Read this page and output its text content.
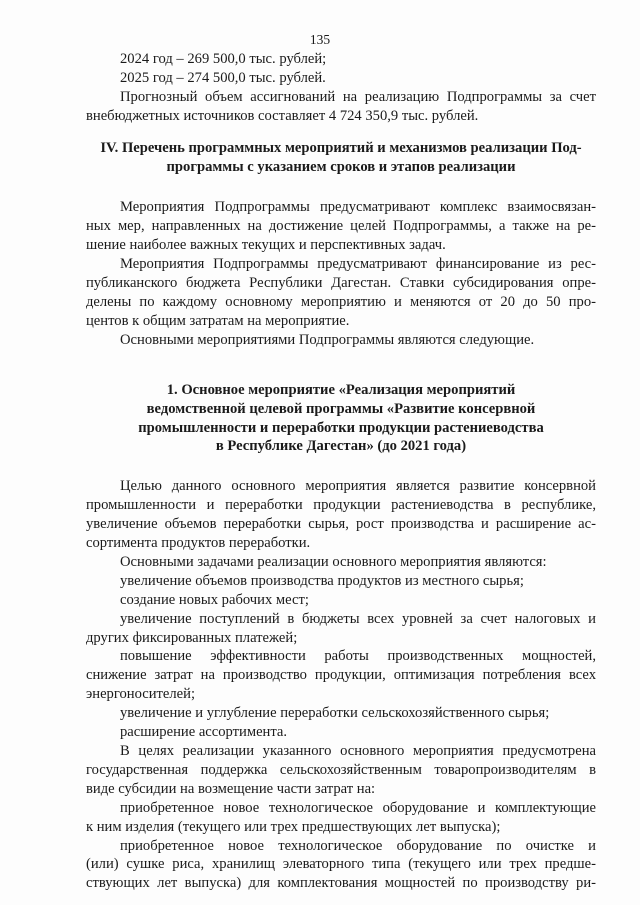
135

2024 год – 269 500,0 тыс. рублей;

2025 год – 274 500,0 тыс. рублей.

Прогнозный объем ассигнований на реализацию Подпрограммы за счет

внебюджетных источников составляет 4 724 350,9 тыс. рублей.

IV. Перечень программных мероприятий и механизмов реализации Под-

программы с указанием сроков и этапов реализации

Мероприятия Подпрограммы предусматривают комплекс взаимосвязан-

ных мер, направленных на достижение целей Подпрограммы, а также на ре-

шение наиболее важных текущих и перспективных задач.

Мероприятия Подпрограммы предусматривают финансирование из рес-

публиканского бюджета Республики Дагестан. Ставки субсидирования опре-

делены по каждому основному мероприятию и меняются от 20 до 50 про-

центов к общим затратам на мероприятие.

Основными мероприятиями Подпрограммы являются следующие.

1. Основное мероприятие «Реализация мероприятий

ведомственной целевой программы «Развитие консервной

промышленности и переработки продукции растениеводства

в Республике Дагестан» (до 2021 года)

Целью данного основного мероприятия является развитие консервной

промышленности и переработки продукции растениеводства в республике,

увеличение объемов переработки сырья, рост производства и расширение ас-

сортимента продуктов переработки.

Основными задачами реализации основного мероприятия являются:

увеличение объемов производства продуктов из местного сырья;

создание новых рабочих мест;

увеличение поступлений в бюджеты всех уровней за счет налоговых и

других фиксированных платежей;

повышение эффективности работы производственных мощностей,

снижение затрат на производство продукции, оптимизация потребления всех

энергоносителей;

увеличение и углубление переработки сельскохозяйственного сырья;

расширение ассортимента.

В целях реализации указанного основного мероприятия предусмотрена

государственная поддержка сельскохозяйственным товаропроизводителям в

виде субсидии на возмещение части затрат на:

приобретенное новое технологическое оборудование и комплектующие

к ним изделия (текущего или трех предшествующих лет выпуска);

приобретенное новое технологическое оборудование по очистке и

(или) сушке риса, хранилищ элеваторного типа (текущего или трех предше-

ствующих лет выпуска) для комплектования мощностей по производству ри-
